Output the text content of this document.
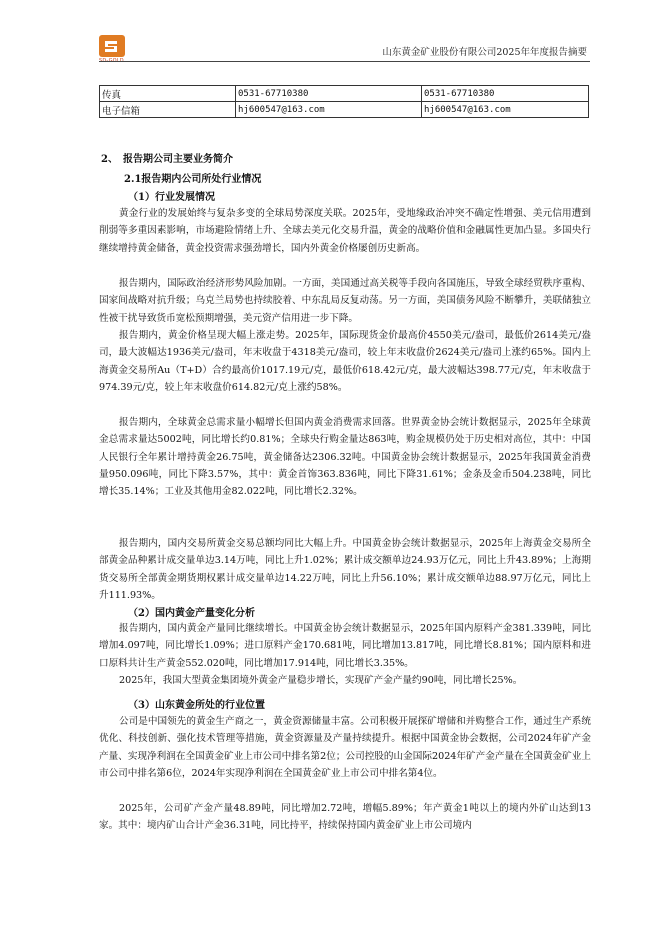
SD-GOLD
山东黄金矿业股份有限公司2025年年度报告摘要
传真	0531-67710380	0531-67710380
电子信箱	hj600547@163.com	hj600547@163.com
2、 报告期公司主要业务简介
2.1报告期内公司所处行业情况
（1）行业发展情况
黄金行业的发展始终与复杂多变的全球局势深度关联。2025年，受地缘政治冲突不确定性增强、美元信用遭到削弱等多重因素影响，市场避险情绪上升、全球去美元化交易升温，黄金的战略价值和金融属性更加凸显。多国央行继续增持黄金储备，黄金投资需求强劲增长，国内外黄金价格屡创历史新高。
报告期内，国际政治经济形势风险加剧。一方面，美国通过高关税等手段向各国施压，导致全球经贸秩序重构、国家间战略对抗升级；乌克兰局势也持续胶着、中东乱局反复动荡。另一方面，美国债务风险不断攀升，美联储独立性被干扰导致货币宽松预期增强，美元资产信用进一步下降。
报告期内，黄金价格呈现大幅上涨走势。2025年，国际现货金价最高价4550美元/盎司，最低价2614美元/盎司，最大波幅达1936美元/盎司，年末收盘于4318美元/盎司，较上年末收盘价2624美元/盎司上涨约65%。国内上海黄金交易所Au（T+D）合约最高价1017.19元/克，最低价618.42元/克，最大波幅达398.77元/克，年末收盘于974.39元/克，较上年末收盘价614.82元/克上涨约58%。
报告期内，全球黄金总需求量小幅增长但国内黄金消费需求回落。世界黄金协会统计数据显示，2025年全球黄金总需求量达5002吨，同比增长约0.81%；全球央行购金量达863吨，购金规模仍处于历史相对高位，其中：中国人民银行全年累计增持黄金26.75吨，黄金储备达2306.32吨。中国黄金协会统计数据显示，2025年我国黄金消费量950.096吨，同比下降3.57%，其中：黄金首饰363.836吨，同比下降31.61%；金条及金币504.238吨，同比增长35.14%；工业及其他用金82.022吨，同比增长2.32%。
报告期内，国内交易所黄金交易总额均同比大幅上升。中国黄金协会统计数据显示，2025年上海黄金交易所全部黄金品种累计成交量单边3.14万吨，同比上升1.02%；累计成交额单边24.93万亿元，同比上升43.89%；上海期货交易所全部黄金期货期权累计成交量单边14.22万吨，同比上升56.10%；累计成交额单边88.97万亿元，同比上升111.93%。
（2）国内黄金产量变化分析
报告期内，国内黄金产量同比继续增长。中国黄金协会统计数据显示，2025年国内原料产金381.339吨，同比增加4.097吨，同比增长1.09%；进口原料产金170.681吨，同比增加13.817吨，同比增长8.81%；国内原料和进口原料共计生产黄金552.020吨，同比增加17.914吨，同比增长3.35%。
2025年，我国大型黄金集团境外黄金产量稳步增长，实现矿产金产量约90吨，同比增长25%。
（3）山东黄金所处的行业位置
公司是中国领先的黄金生产商之一，黄金资源储量丰富。公司积极开展探矿增储和并购整合工作，通过生产系统优化、科技创新、强化技术管理等措施，黄金资源量及产量持续提升。根据中国黄金协会数据，公司2024年矿产金产量、实现净利润在全国黄金矿业上市公司中排名第2位；公司控股的山金国际2024年矿产金产量在全国黄金矿业上市公司中排名第6位，2024年实现净利润在全国黄金矿业上市公司中排名第4位。
2025年，公司矿产金产量48.89吨，同比增加2.72吨，增幅5.89%；年产黄金1吨以上的境内外矿山达到13家。其中：境内矿山合计产金36.31吨，同比持平，持续保持国内黄金矿业上市公司境内
